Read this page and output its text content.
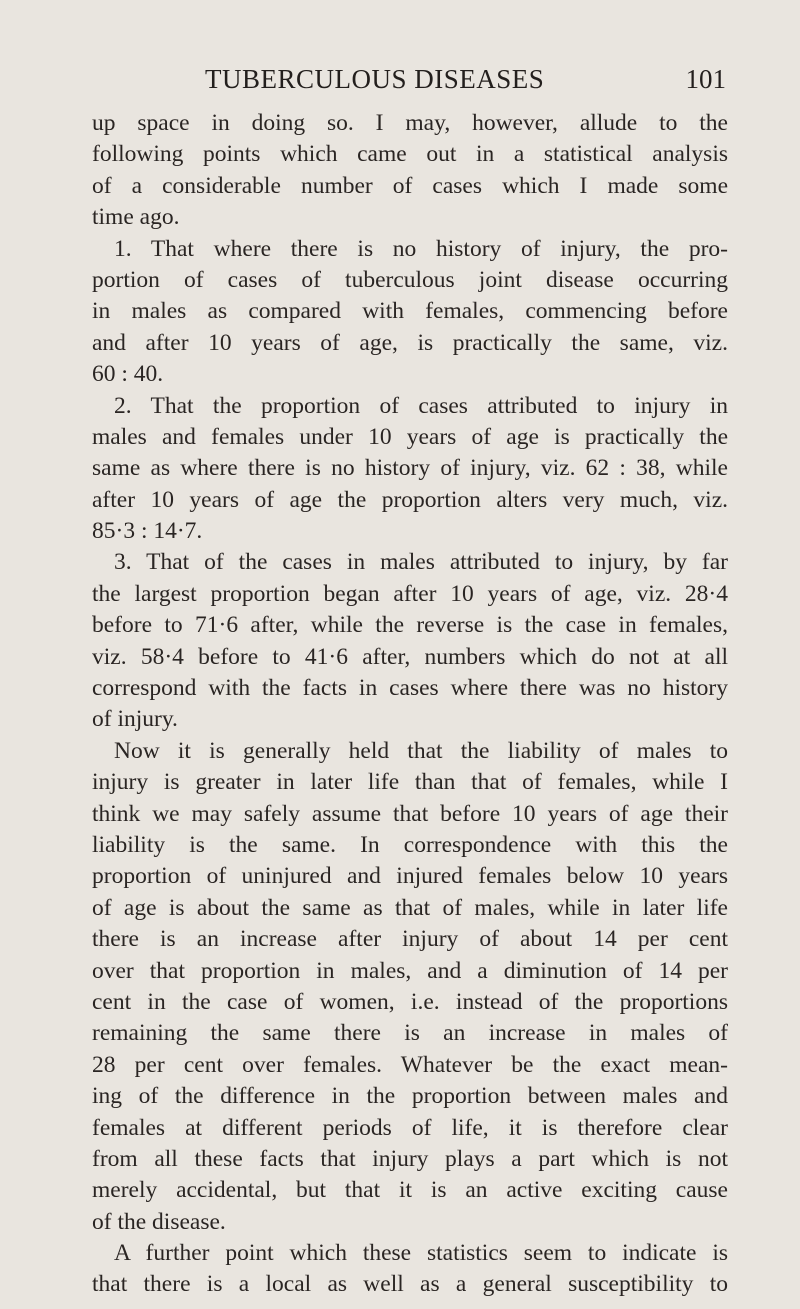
TUBERCULOUS DISEASES	101
up space in doing so. I may, however, allude to the
following points which came out in a statistical analysis
of a considerable number of cases which I made some
time ago.
1. That where there is no history of injury, the pro-
portion of cases of tuberculous joint disease occurring
in males as compared with females, commencing before
and after 10 years of age, is practically the same, viz.
60 : 40.
2. That the proportion of cases attributed to injury in
males and females under 10 years of age is practically the
same as where there is no history of injury, viz. 62 : 38, while
after 10 years of age the proportion alters very much, viz.
85·3 : 14·7.
3. That of the cases in males attributed to injury, by far
the largest proportion began after 10 years of age, viz. 28·4
before to 71·6 after, while the reverse is the case in females,
viz. 58·4 before to 41·6 after, numbers which do not at all
correspond with the facts in cases where there was no history
of injury.
Now it is generally held that the liability of males to
injury is greater in later life than that of females, while I
think we may safely assume that before 10 years of age their
liability is the same. In correspondence with this the
proportion of uninjured and injured females below 10 years
of age is about the same as that of males, while in later life
there is an increase after injury of about 14 per cent
over that proportion in males, and a diminution of 14 per
cent in the case of women, i.e. instead of the proportions
remaining the same there is an increase in males of
28 per cent over females. Whatever be the exact mean-
ing of the difference in the proportion between males and
females at different periods of life, it is therefore clear
from all these facts that injury plays a part which is not
merely accidental, but that it is an active exciting cause
of the disease.
A further point which these statistics seem to indicate is
that there is a local as well as a general susceptibility to
